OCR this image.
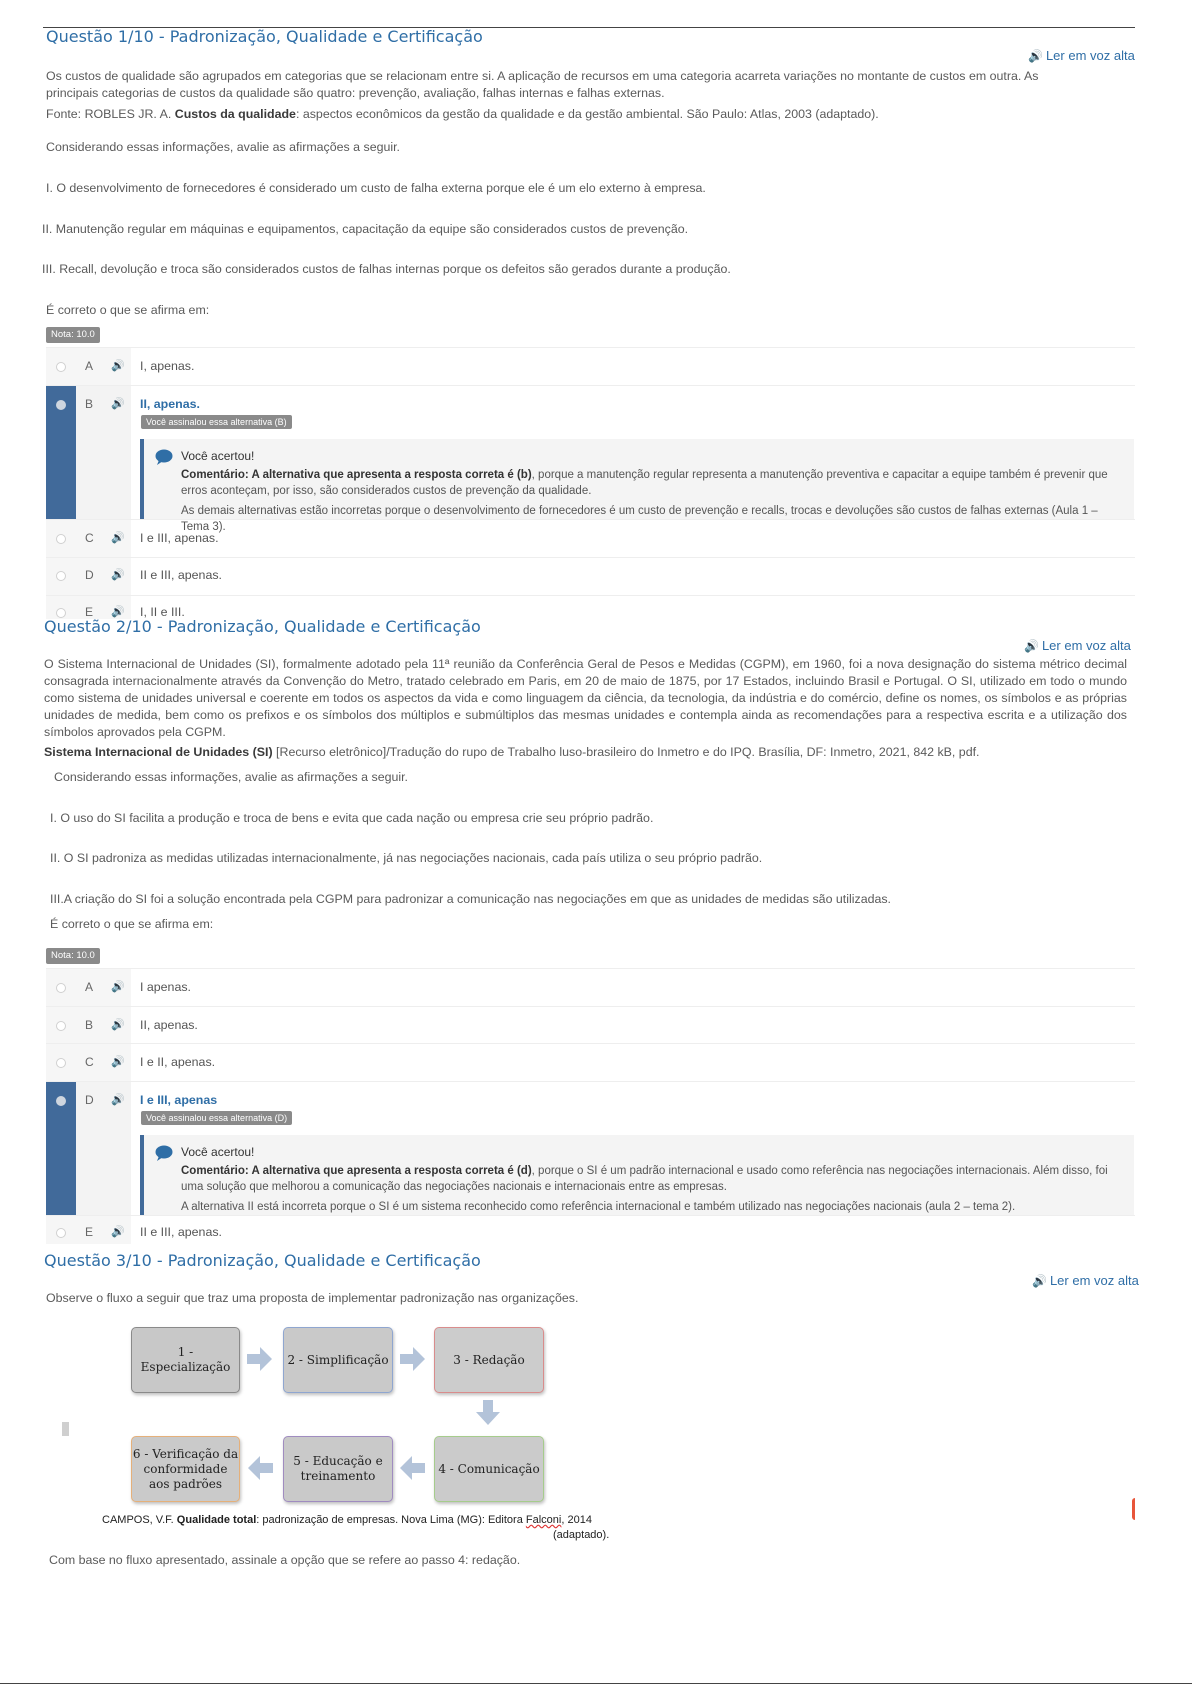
Questão 1/10 - Padronização, Qualidade e Certificação
🔊 Ler em voz alta
Os custos de qualidade são agrupados em categorias que se relacionam entre si. A aplicação de recursos em uma categoria acarreta variações no montante de custos em outra. As principais categorias de custos da qualidade são quatro: prevenção, avaliação, falhas internas e falhas externas.
Fonte: ROBLES JR. A. Custos da qualidade: aspectos econômicos da gestão da qualidade e da gestão ambiental. São Paulo: Atlas, 2003 (adaptado).
Considerando essas informações, avalie as afirmações a seguir.
I. O desenvolvimento de fornecedores é considerado um custo de falha externa porque ele é um elo externo à empresa.
II. Manutenção regular em máquinas e equipamentos, capacitação da equipe são considerados custos de prevenção.
III. Recall, devolução e troca são considerados custos de falhas internas porque os defeitos são gerados durante a produção.
É correto o que se afirma em:
Nota: 10.0
A 🔊 I, apenas.
B 🔊 II, apenas.
Você assinalou essa alternativa (B)
Você acertou!
Comentário: A alternativa que apresenta a resposta correta é (b), porque a manutenção regular representa a manutenção preventiva e capacitar a equipe também é prevenir que erros aconteçam, por isso, são considerados custos de prevenção da qualidade.
As demais alternativas estão incorretas porque o desenvolvimento de fornecedores é um custo de prevenção e recalls, trocas e devoluções são custos de falhas externas (Aula 1 – Tema 3).
C 🔊 I e III, apenas.
D 🔊 II e III, apenas.
E 🔊 I, II e III.
Questão 2/10 - Padronização, Qualidade e Certificação
🔊 Ler em voz alta
O Sistema Internacional de Unidades (SI), formalmente adotado pela 11ª reunião da Conferência Geral de Pesos e Medidas (CGPM), em 1960, foi a nova designação do sistema métrico decimal consagrada internacionalmente através da Convenção do Metro, tratado celebrado em Paris, em 20 de maio de 1875, por 17 Estados, incluindo Brasil e Portugal. O SI, utilizado em todo o mundo como sistema de unidades universal e coerente em todos os aspectos da vida e como linguagem da ciência, da tecnologia, da indústria e do comércio, define os nomes, os símbolos e as próprias unidades de medida, bem como os prefixos e os símbolos dos múltiplos e submúltiplos das mesmas unidades e contempla ainda as recomendações para a respectiva escrita e a utilização dos símbolos aprovados pela CGPM.
Sistema Internacional de Unidades (SI) [Recurso eletrônico]/Tradução do rupo de Trabalho luso-brasileiro do Inmetro e do IPQ. Brasília, DF: Inmetro, 2021, 842 kB, pdf.
Considerando essas informações, avalie as afirmações a seguir.
I. O uso do SI facilita a produção e troca de bens e evita que cada nação ou empresa crie seu próprio padrão.
II. O SI padroniza as medidas utilizadas internacionalmente, já nas negociações nacionais, cada país utiliza o seu próprio padrão.
III.A criação do SI foi a solução encontrada pela CGPM para padronizar a comunicação nas negociações em que as unidades de medidas são utilizadas.
É correto o que se afirma em:
Nota: 10.0
A 🔊 I apenas.
B 🔊 II, apenas.
C 🔊 I e II, apenas.
D 🔊 I e III, apenas
Você assinalou essa alternativa (D)
Você acertou!
Comentário: A alternativa que apresenta a resposta correta é (d), porque o SI é um padrão internacional e usado como referência nas negociações internacionais. Além disso, foi uma solução que melhorou a comunicação das negociações nacionais e internacionais entre as empresas.
A alternativa II está incorreta porque o SI é um sistema reconhecido como referência internacional e também utilizado nas negociações nacionais (aula 2 – tema 2).
E 🔊 II e III, apenas.
Questão 3/10 - Padronização, Qualidade e Certificação
🔊 Ler em voz alta
Observe o fluxo a seguir que traz uma proposta de implementar padronização nas organizações.
1 - Especialização
2 - Simplificação	3 - Redação
4 - Comunicação
5 - Educação e treinamento
6 - Verificação da conformidade aos padrões
CAMPOS, V.F. Qualidade total: padronização de empresas. Nova Lima (MG): Editora Falconi, 2014
(adaptado).
Com base no fluxo apresentado, assinale a opção que se refere ao passo 4: redação.
